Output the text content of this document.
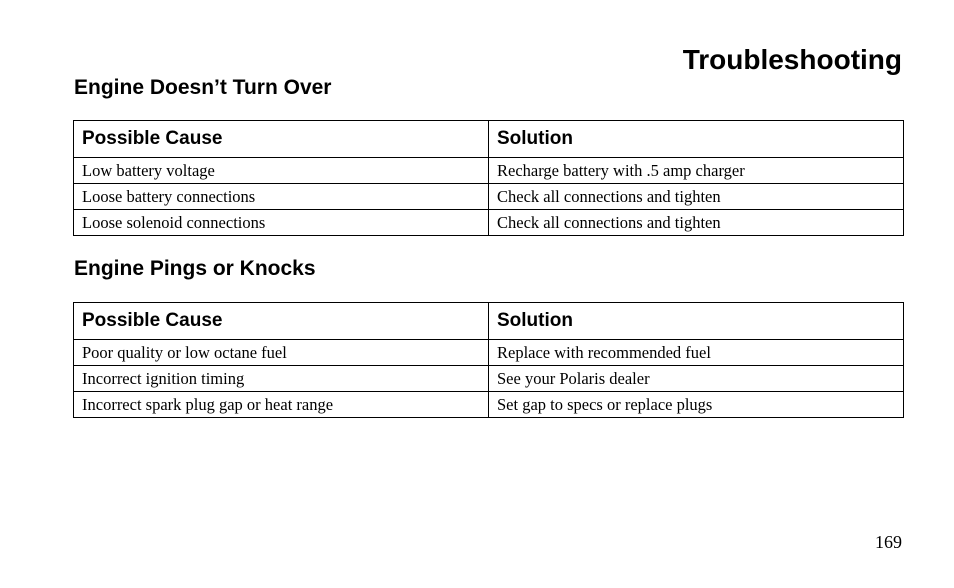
Troubleshooting
Engine Doesn’t Turn Over
Possible Cause	Solution
Low battery voltage	Recharge battery with .5 amp charger
Loose battery connections	Check all connections and tighten
Loose solenoid connections	Check all connections and tighten
Engine Pings or Knocks
Possible Cause	Solution
Poor quality or low octane fuel	Replace with recommended fuel
Incorrect ignition timing	See your Polaris dealer
Incorrect spark plug gap or heat range	Set gap to specs or replace plugs
169
